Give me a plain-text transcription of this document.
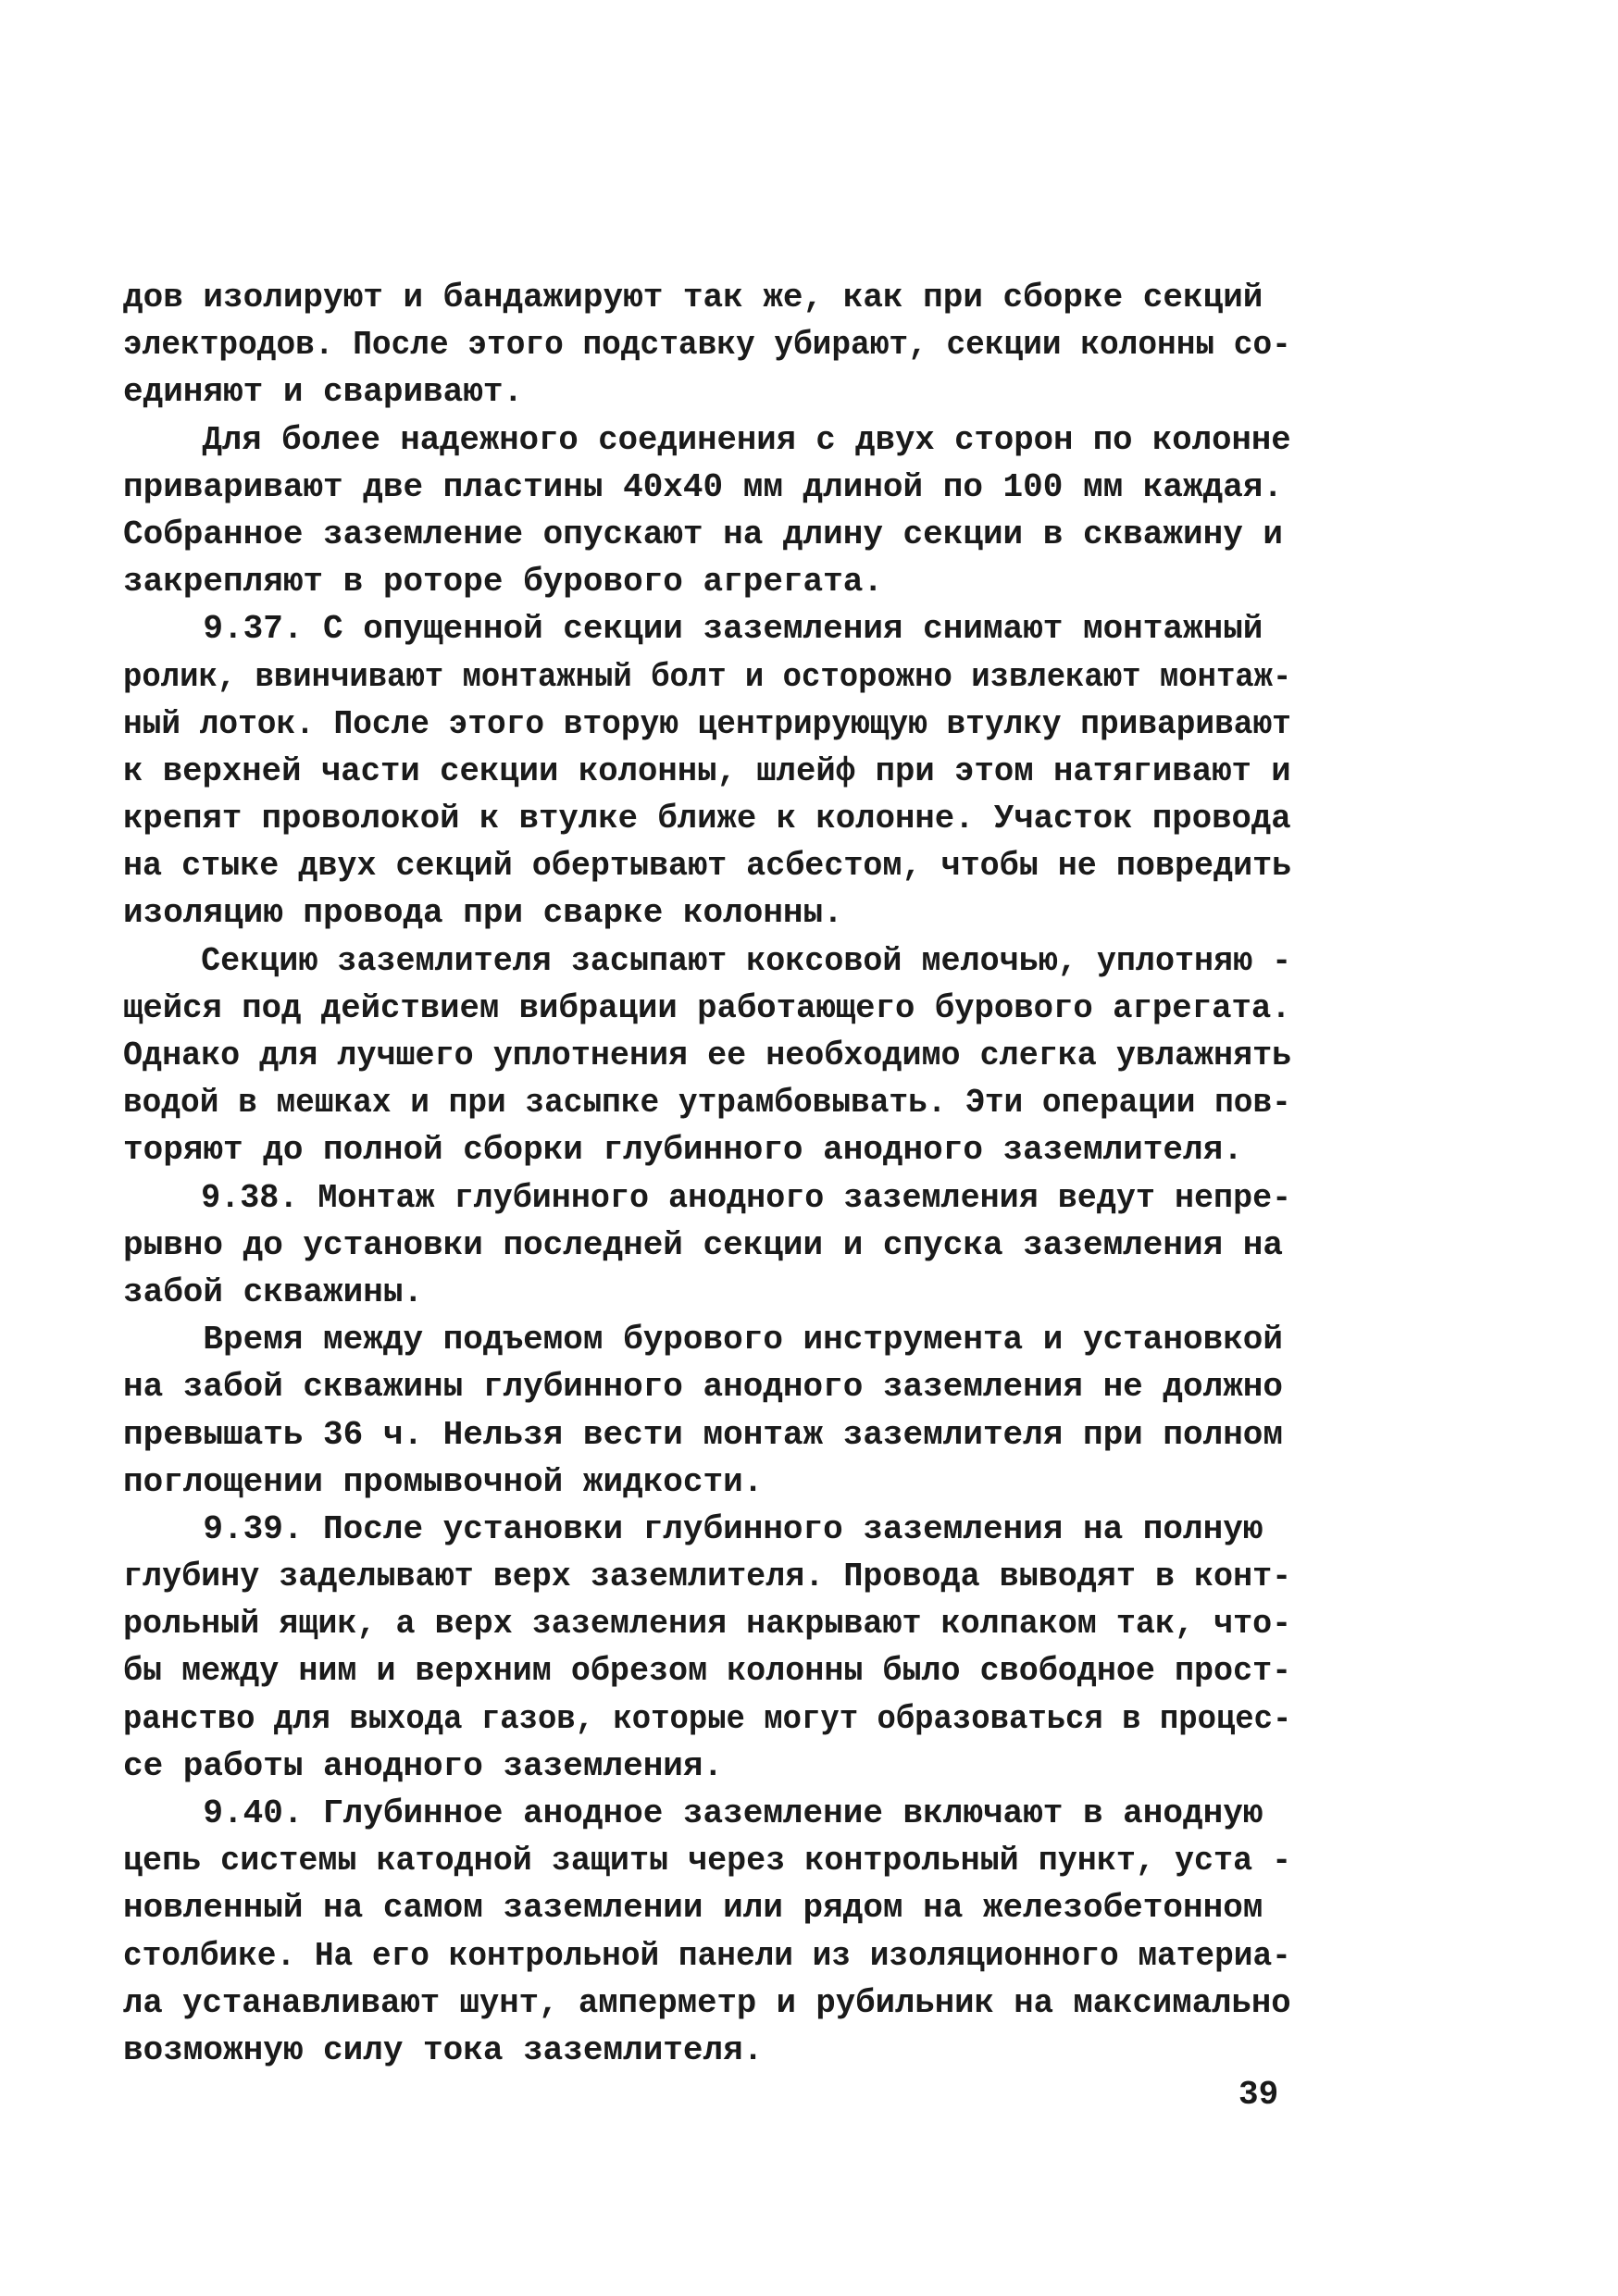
дов изолируют и бандажируют так же, как при сборке секций
электродов. После этого подставку убирают, секции колонны со-
единяют и сваривают.
Для более надежного соединения с двух сторон по колонне
приваривают две пластины 40х40 мм длиной по 100 мм каждая.
Собранное заземление опускают на длину секции в скважину и
закрепляют в роторе бурового агрегата.
9.37. С опущенной секции заземления снимают монтажный
ролик, ввинчивают монтажный болт и осторожно извлекают монтаж-
ный лоток. После этого вторую центрирующую втулку приваривают
к верхней части секции колонны, шлейф при этом натягивают и
крепят проволокой к втулке ближе к колонне. Участок провода
на стыке двух секций обертывают асбестом, чтобы не повредить
изоляцию провода при сварке колонны.
Секцию заземлителя засыпают коксовой мелочью, уплотняю -
щейся под действием вибрации работающего бурового агрегата.
Однако для лучшего уплотнения ее необходимо слегка увлажнять
водой в мешках и при засыпке утрамбовывать. Эти операции пов-
торяют до полной сборки глубинного анодного заземлителя.
9.38. Монтаж глубинного анодного заземления ведут непре-
рывно до установки последней секции и спуска заземления на
забой скважины.
Время между подъемом бурового инструмента и установкой
на забой скважины глубинного анодного заземления не должно
превышать 36 ч. Нельзя вести монтаж заземлителя при полном
поглощении промывочной жидкости.
9.39. После установки глубинного заземления на полную
глубину заделывают верх заземлителя. Провода выводят в конт-
рольный ящик, а верх заземления накрывают колпаком так, что-
бы между ним и верхним обрезом колонны было свободное прост-
ранство для выхода газов, которые могут образоваться в процес-
се работы анодного заземления.
9.40. Глубинное анодное заземление включают в анодную
цепь системы катодной защиты через контрольный пункт, уста -
новленный на самом заземлении или рядом на железобетонном
столбике. На его контрольной панели из изоляционного материа-
ла устанавливают шунт, амперметр и рубильник на максимально
возможную силу тока заземлителя.
39
